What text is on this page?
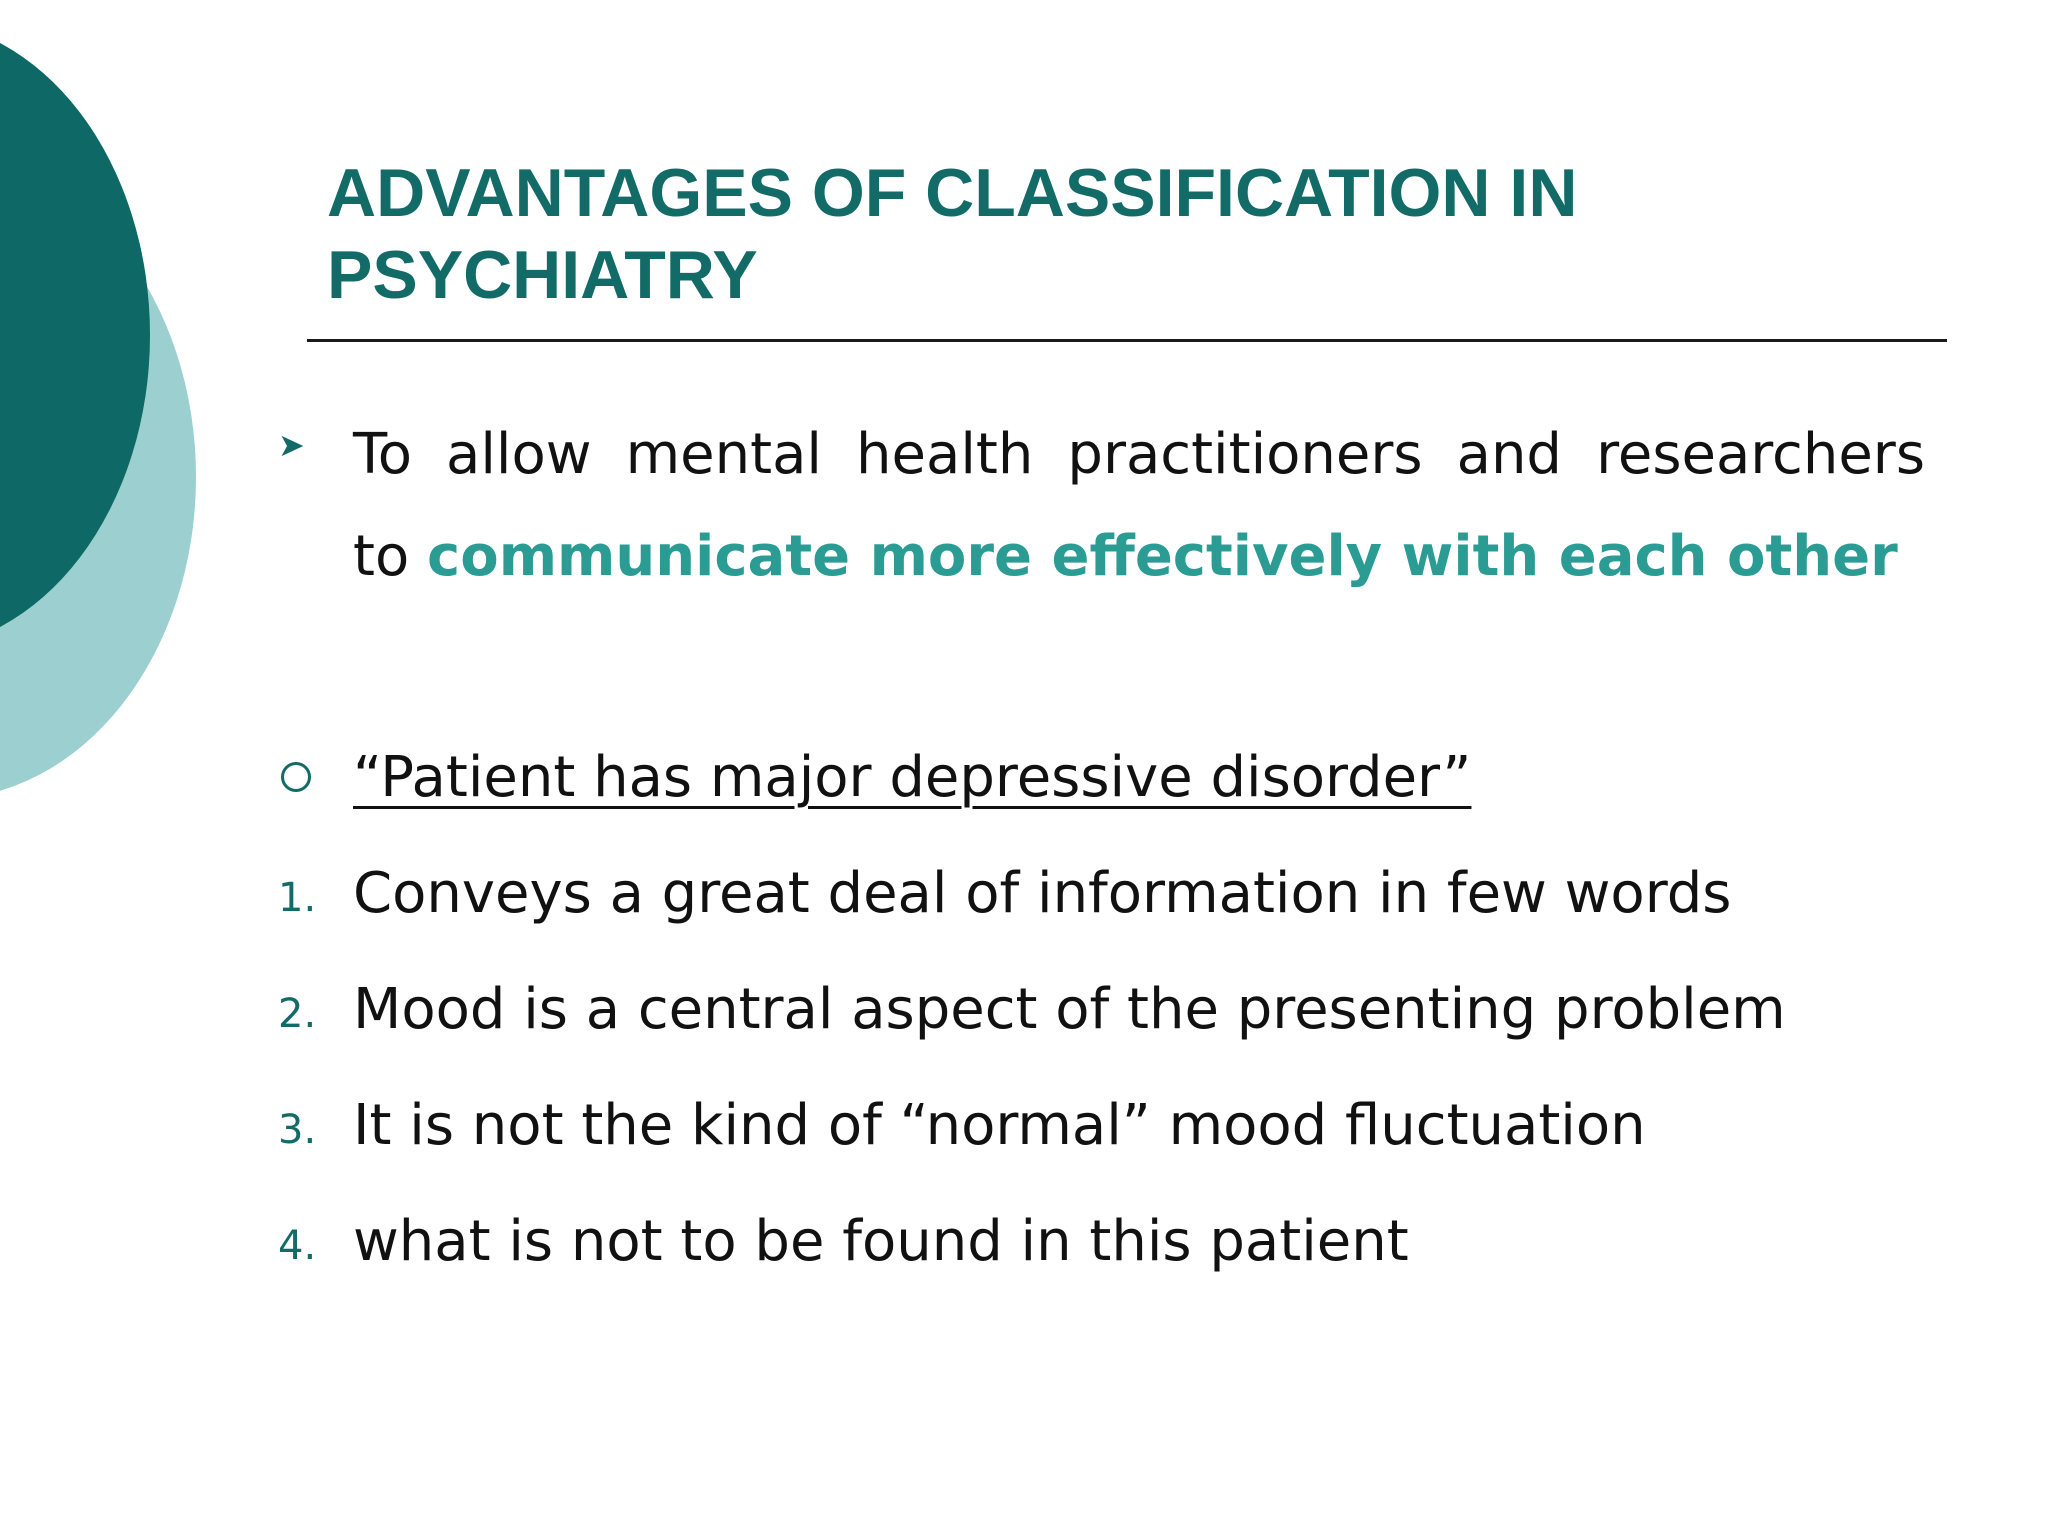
ADVANTAGES OF CLASSIFICATION IN PSYCHIATRY
➤ To allow mental health practitioners and researchers
to communicate more effectively with each other
“Patient has major depressive disorder”
1. Conveys a great deal of information in few words
2. Mood is a central aspect of the presenting problem
3. It is not the kind of “normal” mood fluctuation
4. what is not to be found in this patient
